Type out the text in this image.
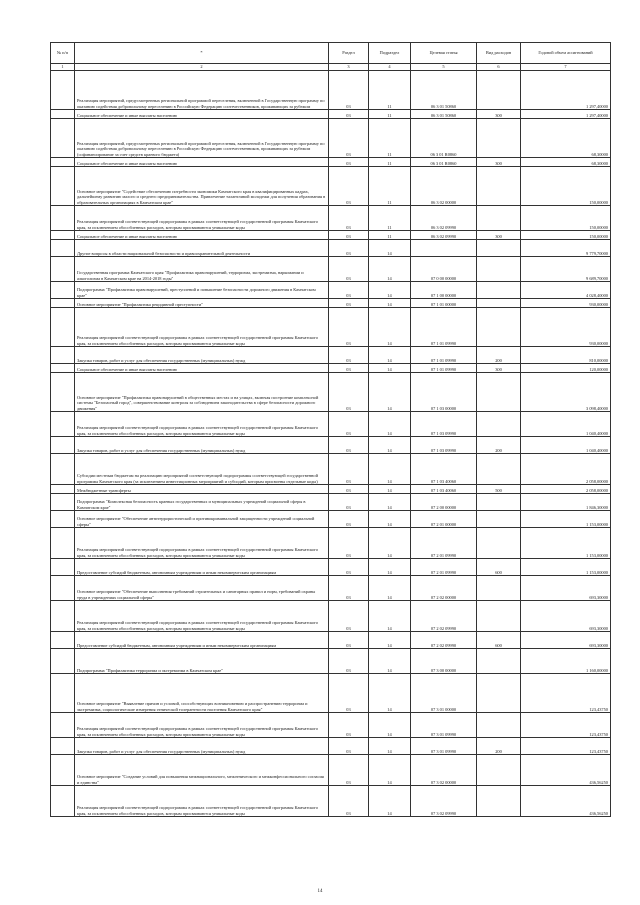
№ п/п	*	Раздел	Подраздел	Целевая статья	Вид расходов	Годовой объем ассигнований
1	2	3	4	5	6	7
	Реализация мероприятий, предусмотренных региональной программой переселения, включенной в Государственную программу по оказанию содействия добровольному переселению в Российскую Федерацию соотечественников, проживающих за рубежом	03	11	06 3 01 50860		1 297,40000
	Социальное обеспечение и иные выплаты населению	03	11	06 3 01 50860	300	1 297,40000
	Реализация мероприятий, предусмотренных региональной программой переселения, включенной в Государственную программу по оказанию содействия добровольному переселению в Российскую Федерацию соотечественников, проживающих за рубежом (софинансирование за счет средств краевого бюджета)	03	11	06 3 01 R0860		68,30000
	Социальное обеспечение и иные выплаты населению	03	11	06 3 01 R0860	300	68,30000
	Основное мероприятие "Содействие обеспечению потребности экономики Камчатского края в квалифицированных кадрах, дальнейшему развитию малого и среднего предпринимательства. Привлечение талантливой молодежи для получения образования в образовательных организациях в Камчатском крае"	03	11	06 3 02 00000		150,00000
	Реализация мероприятий соответствующей подпрограммы в рамках соответствующей государственной программы Камчатского края, за исключением обособленных расходов, которым присваиваются уникальные коды	03	11	06 3 02 09990		150,00000
	Социальное обеспечение и иные выплаты населению	03	11	06 3 02 09990	300	150,00000
	Другие вопросы в области национальной безопасности и правоохранительной деятельности	03	14			9 779,70000
	Государственная программа Камчатского края "Профилактика правонарушений, терроризма, экстремизма, наркомании и алкоголизма в Камчатском крае на 2014-2018 годы"	03	14	07 0 00 00000		9 689,70000
	Подпрограмма "Профилактика правонарушений, преступлений и повышение безопасности дорожного движения в Камчатском крае"	03	14	07 1 00 00000		4 028,40000
	Основное мероприятие "Профилактика рецидивной преступности"	03	14	07 1 01 00000		930,00000
	Реализация мероприятий соответствующей подпрограммы в рамках соответствующей государственной программы Камчатского края, за исключением обособленных расходов, которым присваиваются уникальные коды	03	14	07 1 01 09990		930,00000
	Закупка товаров, работ и услуг для обеспечения государственных (муниципальных) нужд	03	14	07 1 01 09990	200	810,00000
	Социальное обеспечение и иные выплаты населению	03	14	07 1 01 09990	300	120,00000
	Основное мероприятие "Профилактика правонарушений в общественных местах и на улицах, включая построение комплексной системы "Безопасный город", совершенствование контроля за соблюдением законодательства в сфере безопасности дорожного движения"	03	14	07 1 03 00000		3 098,40000
	Реализация мероприятий соответствующей подпрограммы в рамках соответствующей государственной программы Камчатского края, за исключением обособленных расходов, которым присваиваются уникальные коды	03	14	07 1 03 09990		1 040,40000
	Закупка товаров, работ и услуг для обеспечения государственных (муниципальных) нужд	03	14	07 1 03 09990	200	1 040,40000
	Субсидии местным бюджетам на реализацию мероприятий соответствующей подпрограммы соответствующей государственной программы Камчатского края (за исключением инвестиционных мероприятий и субсидий, которым присвоены отдельные коды)	03	14	07 1 03 40060		2 058,00000
	Межбюджетные трансферты	03	14	07 1 03 40060	500	2 058,00000
	Подпрограмма "Комплексная безопасность краевых государственных и муниципальных учреждений социальной сферы в Камчатском крае"	03	14	07 2 00 00000		1 846,30000
	Основное мероприятие "Обеспечение антитеррористической и противокриминальной защищенности учреждений социальной сферы"	03	14	07 2 01 00000		1 153,00000
	Реализация мероприятий соответствующей подпрограммы в рамках соответствующей государственной программы Камчатского края, за исключением обособленных расходов, которым присваиваются уникальные коды	03	14	07 2 01 09990		1 153,00000
	Предоставление субсидий бюджетным, автономным учреждениям и иным некоммерческим организациям	03	14	07 2 01 09990	600	1 153,00000
	Основное мероприятие "Обеспечение выполнения требований строительных и санитарных правил и норм, требований охраны труда в учреждениях социальной сферы"	03	14	07 2 02 00000		693,30000
	Реализация мероприятий соответствующей подпрограммы в рамках соответствующей государственной программы Камчатского края, за исключением обособленных расходов, которым присваиваются уникальные коды	03	14	07 2 02 09990		693,30000
	Предоставление субсидий бюджетным, автономным учреждениям и иным некоммерческим организациям	03	14	07 2 02 09990	600	693,30000
	Подпрограмма "Профилактика терроризма и экстремизма в Камчатском крае"	03	14	07 3 00 00000		1 160,00000
	Основное мероприятие "Выявление причин и условий, способствующих возникновению и распространению терроризма и экстремизма, социологические измерения этнической толерантности населения Камчатского края"	03	14	07 3 01 00000		123,43750
	Реализация мероприятий соответствующей подпрограммы в рамках соответствующей государственной программы Камчатского края, за исключением обособленных расходов, которым присваиваются уникальные коды	03	14	07 3 01 09990		123,43750
	Закупка товаров, работ и услуг для обеспечения государственных (муниципальных) нужд	03	14	07 3 01 09990	200	123,43750
	Основное мероприятие "Создание условий для повышения межнационального, межэтнического и межконфессионального согласия и единства"	03	14	07 3 02 00000		436,56250
	Реализация мероприятий соответствующей подпрограммы в рамках соответствующей государственной программы Камчатского края, за исключением обособленных расходов, которым присваиваются уникальные коды	03	14	07 3 02 09990		436,56250
14
